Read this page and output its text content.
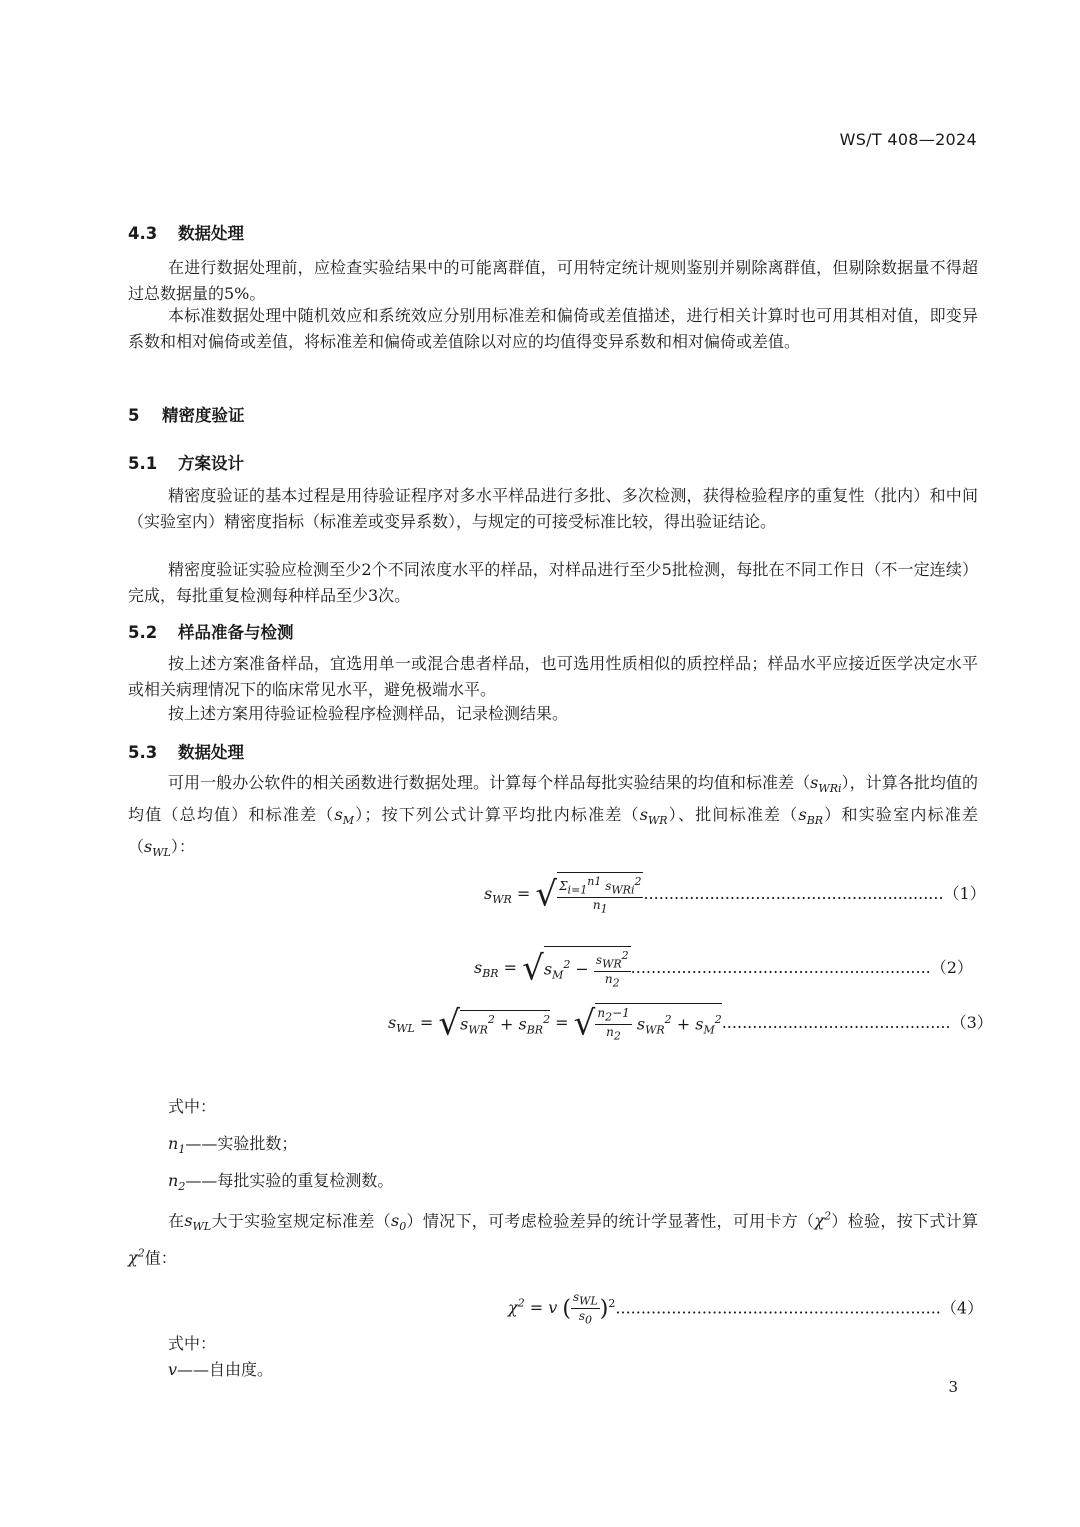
WS/T 408—2024
4.3 数据处理

在进行数据处理前，应检查实验结果中的可能离群值，可用特定统计规则鉴别并剔除离群值，但剔除数据量不得超过总数据量的5%。

本标准数据处理中随机效应和系统效应分别用标准差和偏倚或差值描述，进行相关计算时也可用其相对值，即变异系数和相对偏倚或差值，将标准差和偏倚或差值除以对应的均值得变异系数和相对偏倚或差值。

5 精密度验证
5.1 方案设计

精密度验证的基本过程是用待验证程序对多水平样品进行多批、多次检测，获得检验程序的重复性（批内）和中间（实验室内）精密度指标（标准差或变异系数），与规定的可接受标准比较，得出验证结论。

精密度验证实验应检测至少2个不同浓度水平的样品，对样品进行至少5批检测，每批在不同工作日（不一定连续）完成，每批重复检测每种样品至少3次。

5.2 样品准备与检测

按上述方案准备样品，宜选用单一或混合患者样品，也可选用性质相似的质控样品；样品水平应接近医学决定水平或相关病理情况下的临床常见水平，避免极端水平。

按上述方案用待验证检验程序检测样品，记录检测结果。

5.3 数据处理

可用一般办公软件的相关函数进行数据处理。计算每个样品每批实验结果的均值和标准差$(s_{WRi})$，计算各批均值的均值（总均值）和标准差$(s_M)$；按下列公式计算平均批内标准差$(s_{WR})$、批间标准差$(s_{BR})$和实验室内标准差$(s_{WL})$：

$s_{WR}$ = √ $\frac{\Sigma_{i=1}^{n1} s_{WRi}^2}{n_1} ...........................................................(1)$
$s_{BR} = √s_M^2 - \frac{s_{WR}^2}{n_2} ...........................................................(2)$
$s_{WL} = √s_{WR}^2 + s_{BR}^2$ = √ $\frac{n_2-1}{n_2} s_{WR}^2 + s_M^2.............................................(3)$
式中：
$n_1——$实验批数；
$n_2——$每批实验的重复检测数。

在$s_{WL}$大于实验室规定标准差$(s_0)$情况下，可考虑检验差异的统计学显著性，可用卡方$(\chi^2)$检验，按下式计算$\chi^2$值：

$\chi^2 = v$ ( $\frac{s_{WL}}{s_0} )^2................................................................(4)$
式中：
v——自由度。
3
